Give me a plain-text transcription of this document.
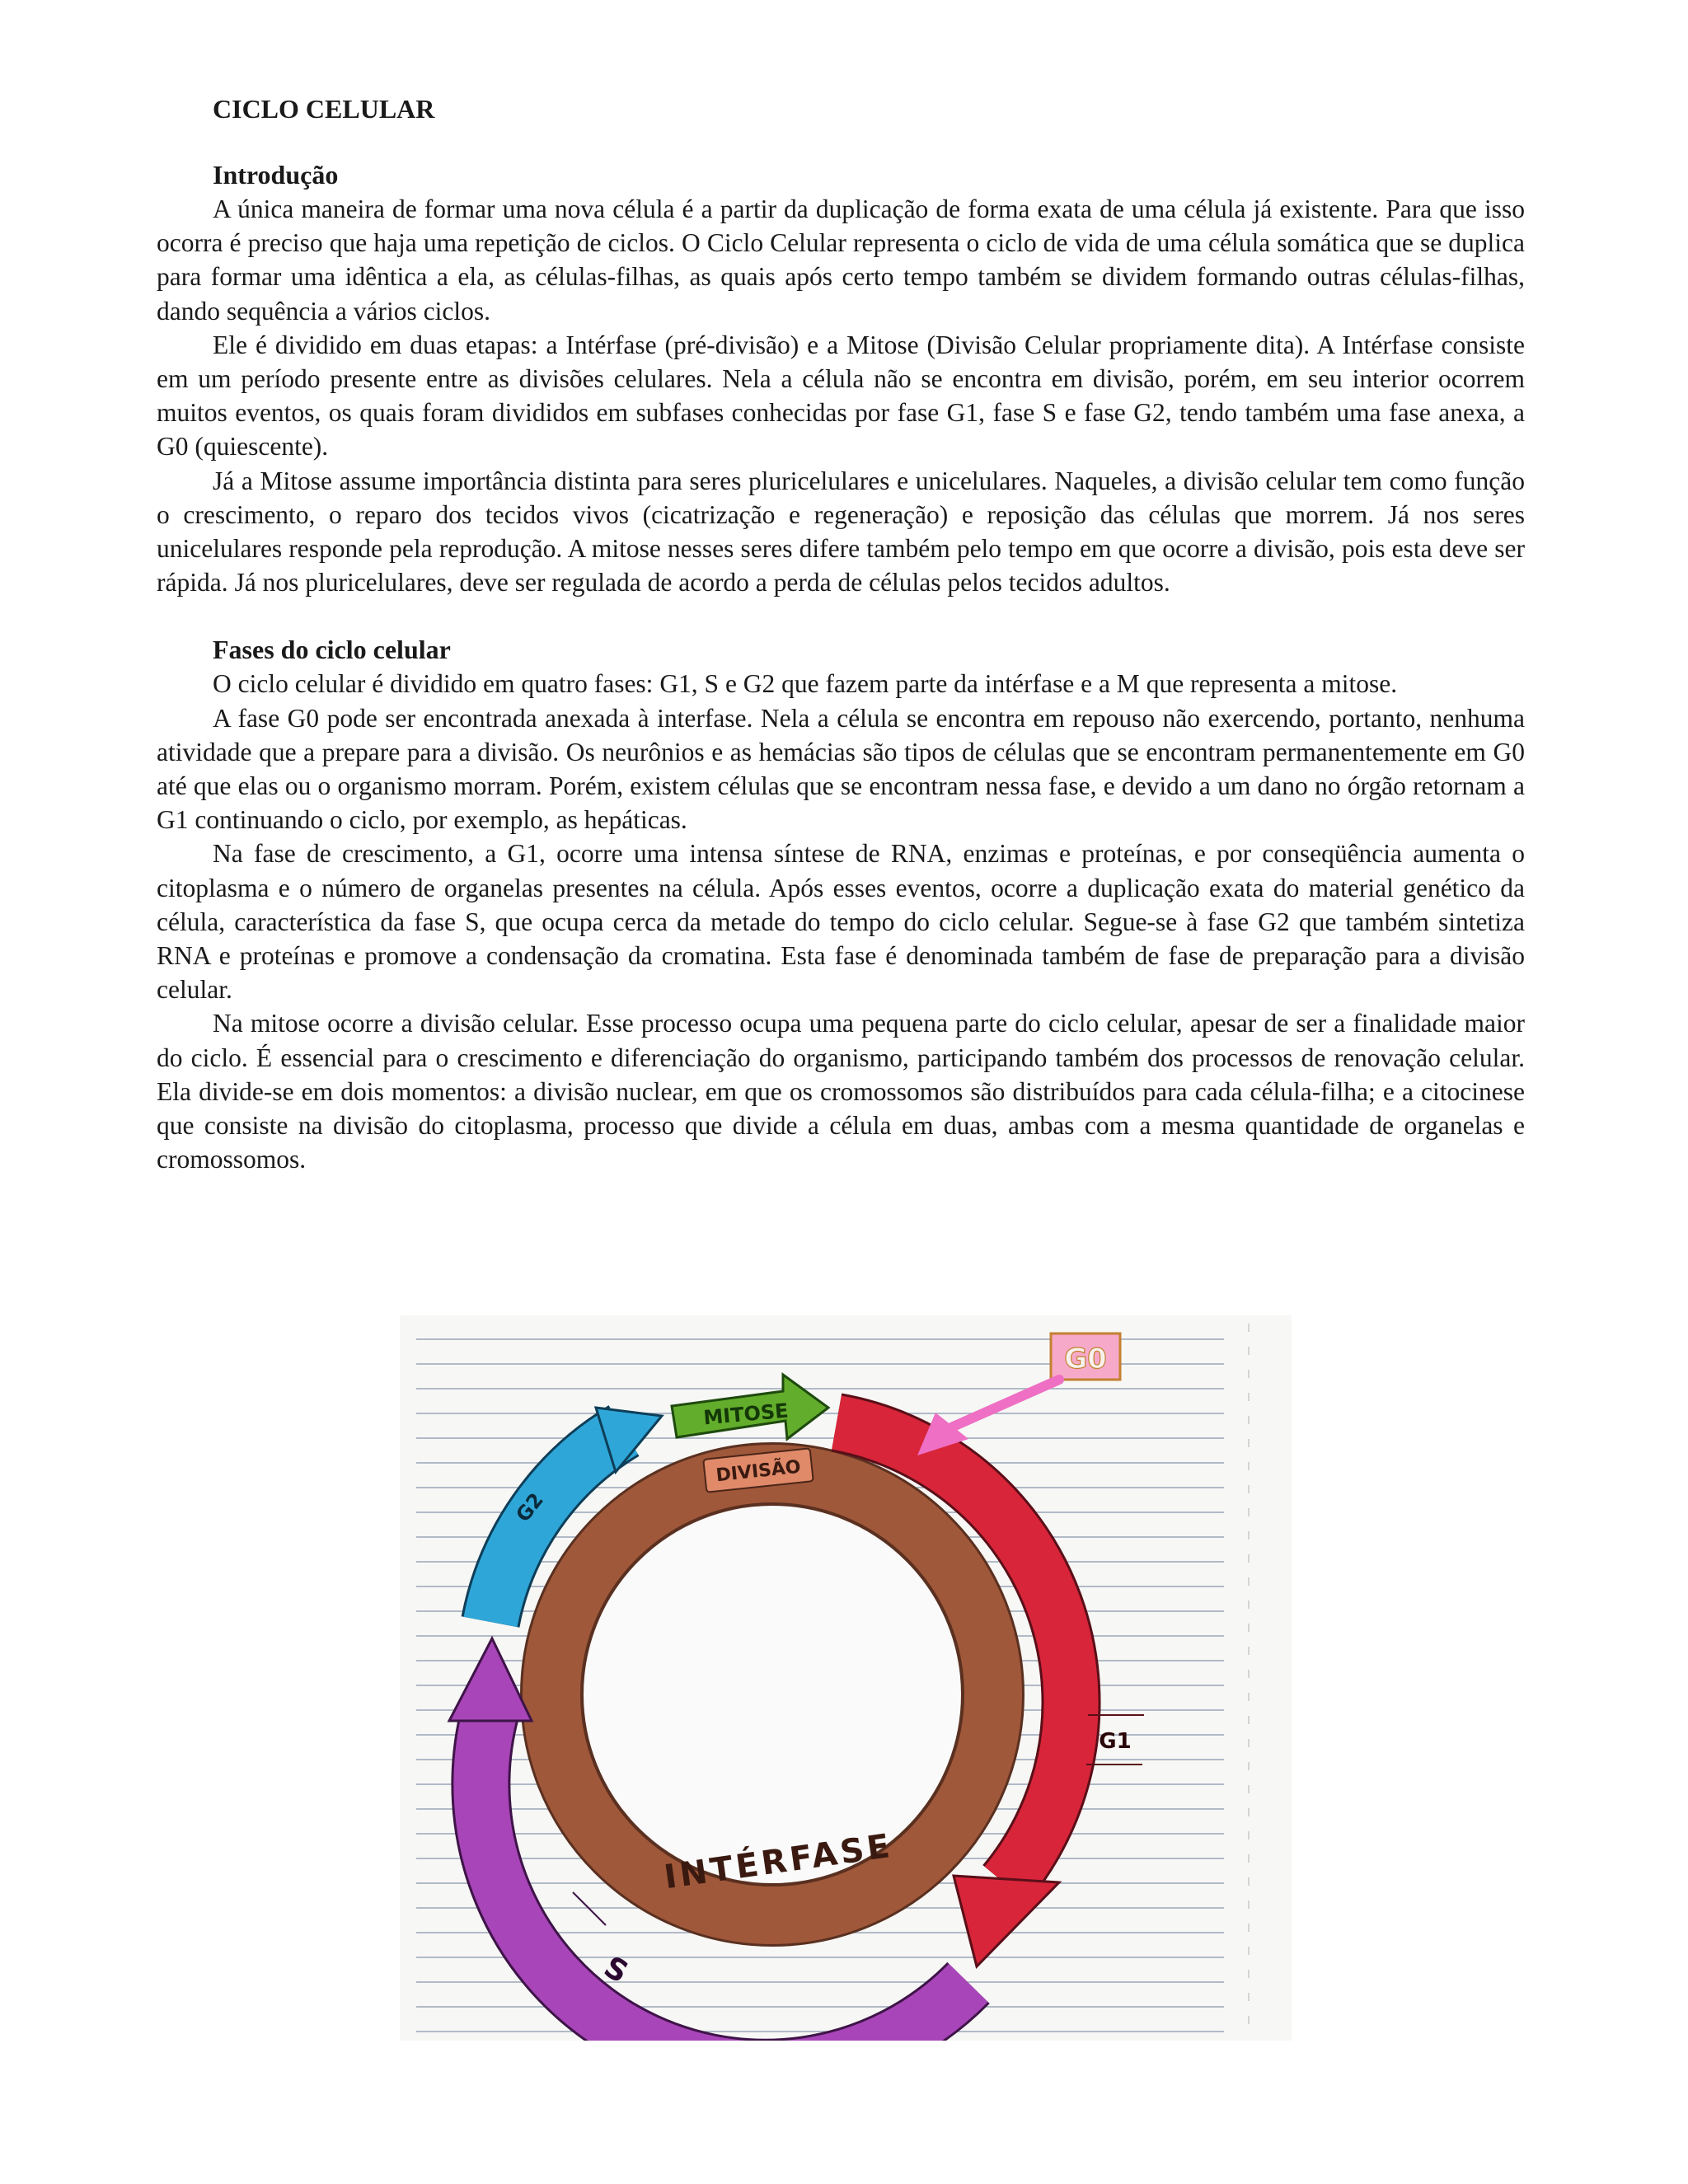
CICLO CELULAR
Introdução

A única maneira de formar uma nova célula é a partir da duplicação de forma exata de uma célula já existente. Para que isso ocorra é preciso que haja uma repetição de ciclos. O Ciclo Celular representa o ciclo de vida de uma célula somática que se duplica para formar uma idêntica a ela, as células-filhas, as quais após certo tempo também se dividem formando outras células-filhas, dando sequência a vários ciclos.

Ele é dividido em duas etapas: a Intérfase (pré-divisão) e a Mitose (Divisão Celular propriamente dita). A Intérfase consiste em um período presente entre as divisões celulares. Nela a célula não se encontra em divisão, porém, em seu interior ocorrem muitos eventos, os quais foram divididos em subfases conhecidas por fase G1, fase S e fase G2, tendo também uma fase anexa, a G0 (quiescente).

Já a Mitose assume importância distinta para seres pluricelulares e unicelulares. Naqueles, a divisão celular tem como função o crescimento, o reparo dos tecidos vivos (cicatrização e regeneração) e reposição das células que morrem. Já nos seres unicelulares responde pela reprodução. A mitose nesses seres difere também pelo tempo em que ocorre a divisão, pois esta deve ser rápida. Já nos pluricelulares, deve ser regulada de acordo a perda de células pelos tecidos adultos.

Fases do ciclo celular

O ciclo celular é dividido em quatro fases: G1, S e G2 que fazem parte da intérfase e a M que representa a mitose.

A fase G0 pode ser encontrada anexada à interfase. Nela a célula se encontra em repouso não exercendo, portanto, nenhuma atividade que a prepare para a divisão. Os neurônios e as hemácias são tipos de células que se encontram permanentemente em G0 até que elas ou o organismo morram. Porém, existem células que se encontram nessa fase, e devido a um dano no órgão retornam a G1 continuando o ciclo, por exemplo, as hepáticas.

Na fase de crescimento, a G1, ocorre uma intensa síntese de RNA, enzimas e proteínas, e por conseqüência aumenta o citoplasma e o número de organelas presentes na célula. Após esses eventos, ocorre a duplicação exata do material genético da célula, característica da fase S, que ocupa cerca da metade do tempo do ciclo celular. Segue-se à fase G2 que também sintetiza RNA e proteínas e promove a condensação da cromatina. Esta fase é denominada também de fase de preparação para a divisão celular.

Na mitose ocorre a divisão celular. Esse processo ocupa uma pequena parte do ciclo celular, apesar de ser a finalidade maior do ciclo. É essencial para o crescimento e diferenciação do organismo, participando também dos processos de renovação celular. Ela divide-se em dois momentos: a divisão nuclear, em que os cromossomos são distribuídos para cada célula-filha; e a citocinese que consiste na divisão do citoplasma, processo que divide a célula em duas, ambas com a mesma quantidade de organelas e cromossomos.

DIVISÃO
INTÉRFASE
G1
S
G2
MITOSE
G0
